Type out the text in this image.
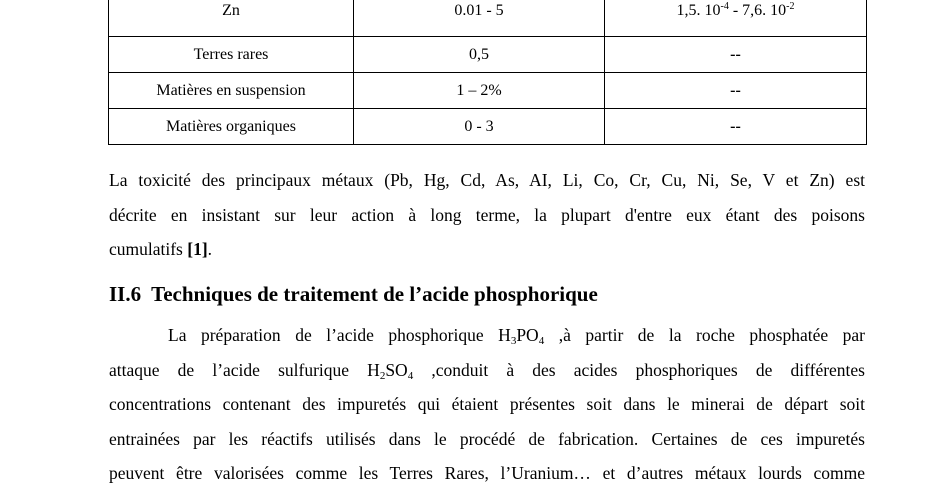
Zn	0.01 - 5	1,5. $10^{-4} - 7,6$. $10^{-2}$
Terres rares	0,5	--
Matières en suspension	1 – 2%	--
Matières organiques	0 - 3	--
La toxicité des principaux métaux (Pb, Hg, Cd, As, AI, Li, Co, Cr, Cu, Ni, Se, V et Zn) est
décrite en insistant sur leur action à long terme, la plupart d'entre eux étant des poisons
cumulatifs [1].
II.6 Techniques de traitement de l’acide phosphorique
La préparation de l’acide phosphorique $H_3PO_4$ ,à partir de la roche phosphatée par
attaque de l’acide sulfurique $H_2SO_4$ ,conduit à des acides phosphoriques de différentes
concentrations contenant des impuretés qui étaient présentes soit dans le minerai de départ soit
entrainées par les réactifs utilisés dans le procédé de fabrication. Certaines de ces impuretés
peuvent être valorisées comme les Terres Rares, l’Uranium… et d’autres métaux lourds comme
